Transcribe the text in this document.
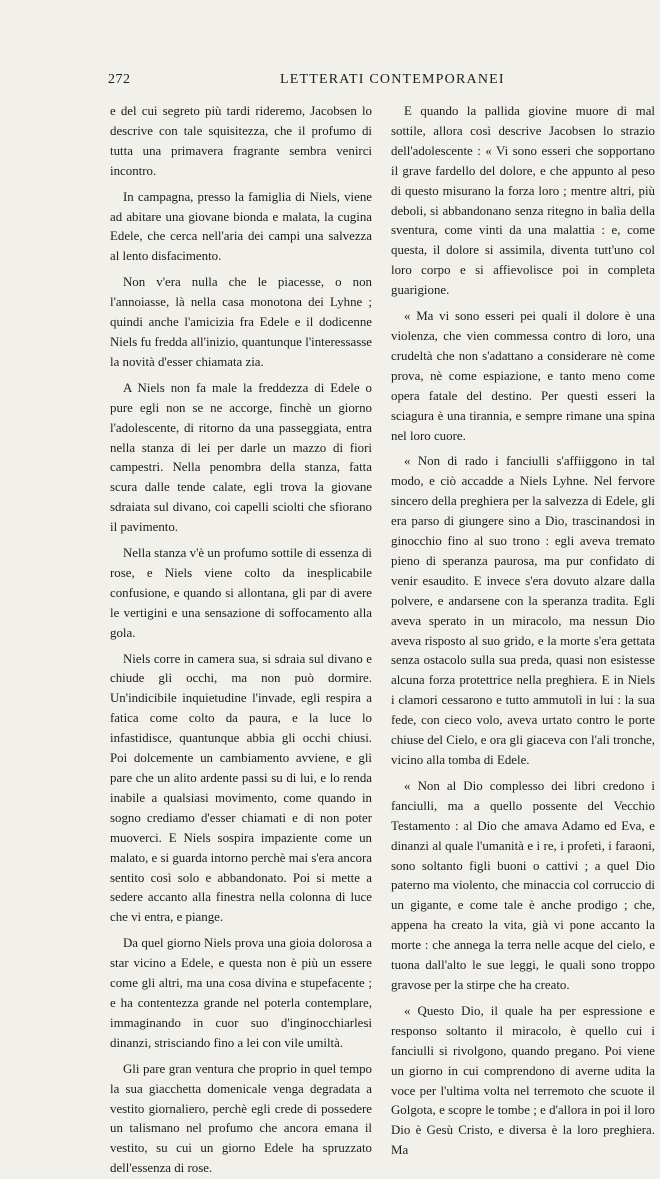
272	LETTERATI CONTEMPORANEI

e del cui segreto più tardi rideremo, Jacobsen lo descrive con tale squisitezza, che il profumo di tutta una primavera fragrante sembra venirci incontro.

In campagna, presso la famiglia di Niels, viene ad abitare una giovane bionda e malata, la cugina Edele, che cerca nell'aria dei campi una salvezza al lento disfacimento.

Non v'era nulla che le piacesse, o non l'annoiasse, là nella casa monotona dei Lyhne ; quindi anche l'amicizia fra Edele e il dodicenne Niels fu fredda all'inizio, quantunque l'interessasse la novità d'esser chiamata zia.

A Niels non fa male la freddezza di Edele o pure egli non se ne accorge, finchè un giorno l'adolescente, di ritorno da una passeggiata, entra nella stanza di lei per darle un mazzo di fiori campestri. Nella penombra della stanza, fatta scura dalle tende calate, egli trova la giovane sdraiata sul divano, coi capelli sciolti che sfiorano il pavimento.

Nella stanza v'è un profumo sottile di essenza di rose, e Niels viene colto da inesplicabile confusione, e quando si allontana, gli par di avere le vertigini e una sensazione di soffocamento alla gola.

Niels corre in camera sua, si sdraia sul divano e chiude gli occhi, ma non può dormire. Un'indicibile inquietudine l'invade, egli respira a fatica come colto da paura, e la luce lo infastidisce, quantunque abbia gli occhi chiusi. Poi dolcemente un cambiamento avviene, e gli pare che un alito ardente passi su di lui, e lo renda inabile a qualsiasi movimento, come quando in sogno crediamo d'esser chiamati e di non poter muoverci. E Niels sospira impaziente come un malato, e si guarda intorno perchè mai s'era ancora sentito così solo e abbandonato. Poi si mette a sedere accanto alla finestra nella colonna di luce che vi entra, e piange.

Da quel giorno Niels prova una gioia dolorosa a star vicino a Edele, e questa non è più un essere come gli altri, ma una cosa divina e stupefacente ; e ha contentezza grande nel poterla contemplare, immaginando in cuor suo d'inginocchiarlesi dinanzi, strisciando fino a lei con vile umiltà.

Gli pare gran ventura che proprio in quel tempo la sua giacchetta domenicale venga degradata a vestito giornaliero, perchè egli crede di possedere un talismano nel profumo che ancora emana il vestito, su cui un giorno Edele ha spruzzato dell'essenza di rose.

E quando la pallida giovine muore di mal sottile, allora così descrive Jacobsen lo strazio dell'adolescente : « Vi sono esseri che sopportano il grave fardello del dolore, e che appunto al peso di questo misurano la forza loro ; mentre altri, più deboli, si abbandonano senza ritegno in balìa della sventura, come vinti da una malattia : e, come questa, il dolore si assimila, diventa tutt'uno col loro corpo e si affievolisce poi in completa guarigione.

« Ma vi sono esseri pei quali il dolore è una violenza, che vien commessa contro di loro, una crudeltà che non s'adattano a considerare nè come prova, nè come espiazione, e tanto meno come opera fatale del destino. Per questi esseri la sciagura è una tirannia, e sempre rimane una spina nel loro cuore.

« Non di rado i fanciulli s'affiiggono in tal modo, e ciò accadde a Niels Lyhne. Nel fervore sincero della preghiera per la salvezza di Edele, gli era parso di giungere sino a Dio, trascinandosi in ginocchio fino al suo trono : egli aveva tremato pieno di speranza paurosa, ma pur confidato di venir esaudito. E invece s'era dovuto alzare dalla polvere, e andarsene con la speranza tradita. Egli aveva sperato in un miracolo, ma nessun Dio aveva risposto al suo grido, e la morte s'era gettata senza ostacolo sulla sua preda, quasi non esistesse alcuna forza protettrice nella preghiera. E in Niels i clamori cessarono e tutto ammutolì in lui : la sua fede, con cieco volo, aveva urtato contro le porte chiuse del Cielo, e ora gli giaceva con l'ali tronche, vicino alla tomba di Edele.

« Non al Dio complesso dei libri credono i fanciulli, ma a quello possente del Vecchio Testamento : al Dio che amava Adamo ed Eva, e dinanzi al quale l'umanità e i re, i profeti, i faraoni, sono soltanto figli buoni o cattivi ; a quel Dio paterno ma violento, che minaccia col corruccio di un gigante, e come tale è anche prodigo ; che, appena ha creato la vita, già vi pone accanto la morte : che annega la terra nelle acque del cielo, e tuona dall'alto le sue leggi, le quali sono troppo gravose per la stirpe che ha creato.

« Questo Dio, il quale ha per espressione e responso soltanto il miracolo, è quello cui i fanciulli si rivolgono, quando pregano. Poi viene un giorno in cui comprendono di averne udita la voce per l'ultima volta nel terremoto che scuote il Golgota, e scopre le tombe ; e d'allora in poi il loro Dio è Gesù Cristo, e diversa è la loro preghiera. Ma
